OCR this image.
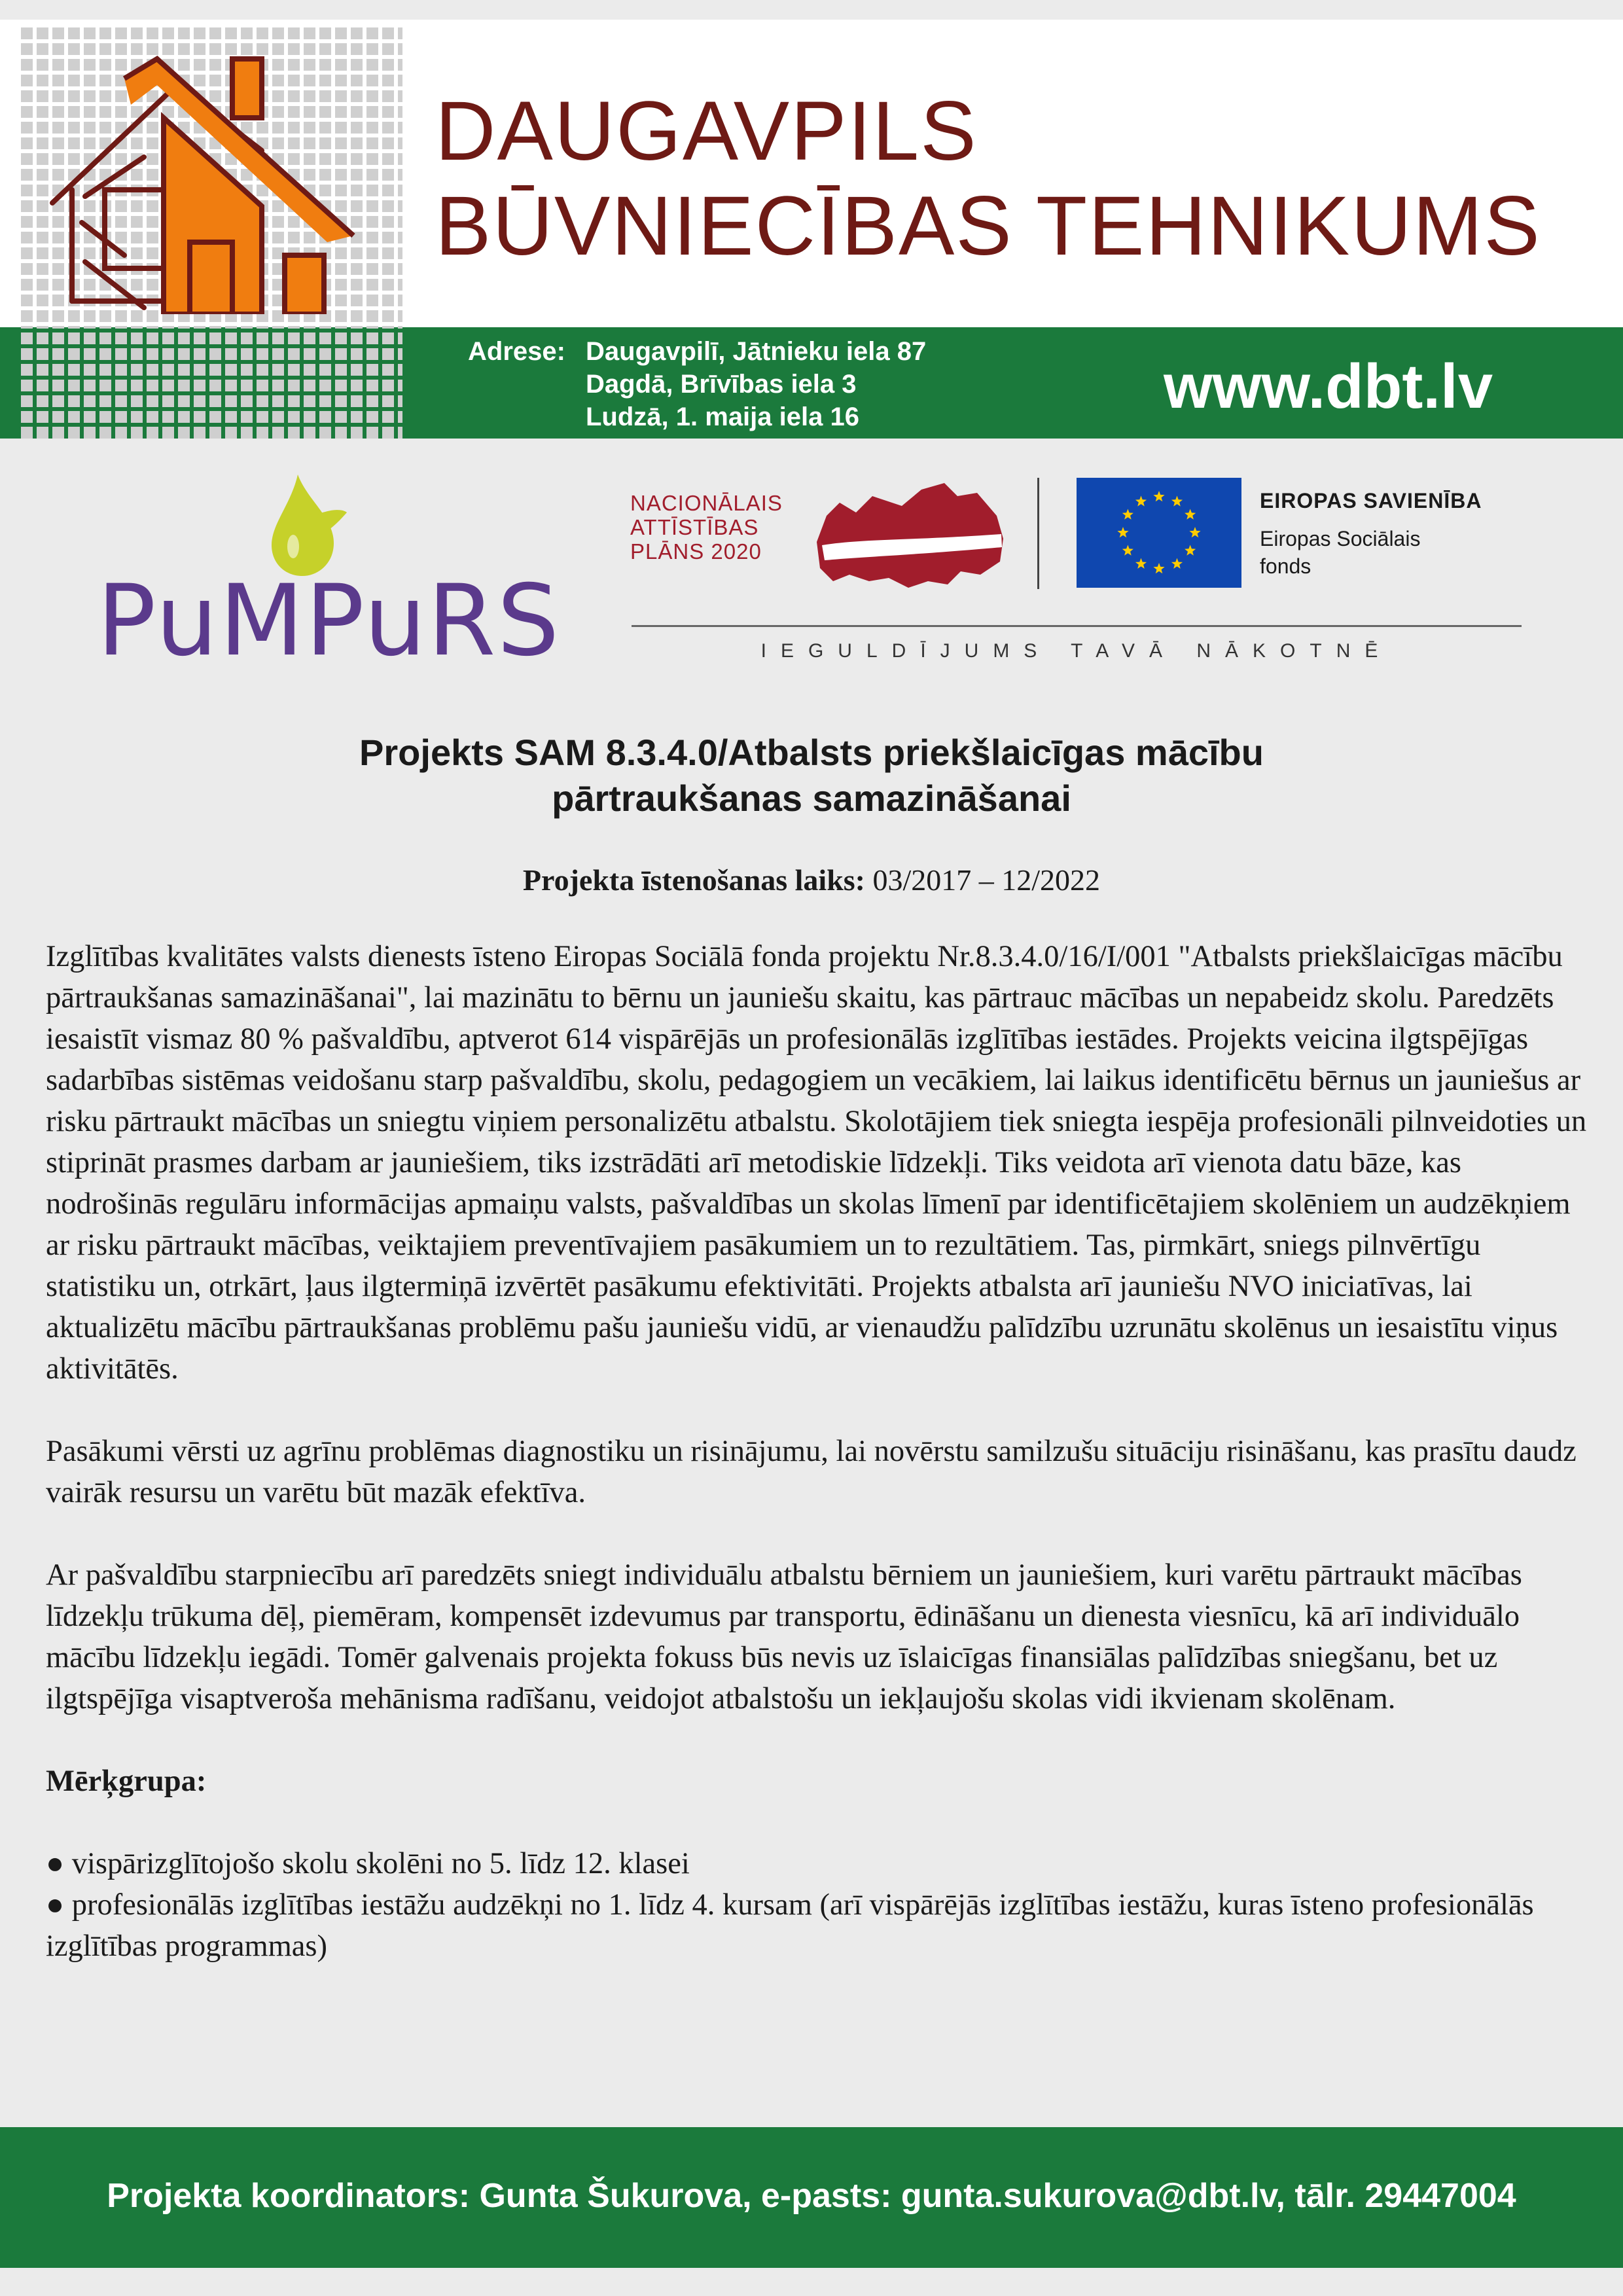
DAUGAVPILS
BŪVNIECĪBAS TEHNIKUMS
Adrese: Daugavpilī, Jātnieku iela 87
Dagdā, Brīvības iela 3
Ludzā, 1. maija iela 16	www.dbt.lv
PuMPuRS
NACIONĀLAIS
ATTĪSTĪBAS
PLĀNS 2020
EIROPAS SAVIENĪBA
Eiropas Sociālais
fonds
IEGULDĪJUMS TAVĀ NĀKOTNĒ
Projekts SAM 8.3.4.0/Atbalsts priekšlaicīgas mācību
pārtraukšanas samazināšanai
Projekta īstenošanas laiks: 03/2017 – 12/2022

Izglītības kvalitātes valsts dienests īsteno Eiropas Sociālā fonda projektu Nr.8.3.4.0/16/I/001 "Atbalsts priekšlaicīgas mācību pārtraukšanas samazināšanai", lai mazinātu to bērnu un jauniešu skaitu, kas pārtrauc mācības un nepabeidz skolu. Paredzēts iesaistīt vismaz 80 % pašvaldību, aptverot 614 vispārējās un profesionālās izglītības iestādes. Projekts veicina ilgtspējīgas sadarbības sistēmas veidošanu starp pašvaldību, skolu, pedagogiem un vecākiem, lai laikus identificētu bērnus un jauniešus ar risku pārtraukt mācības un sniegtu viņiem personalizētu atbalstu. Skolotājiem tiek sniegta iespēja profesionāli pilnveidoties un stiprināt prasmes darbam ar jauniešiem, tiks izstrādāti arī metodiskie līdzekļi. Tiks veidota arī vienota datu bāze, kas nodrošinās regulāru informācijas apmaiņu valsts, pašvaldības un skolas līmenī par identificētajiem skolēniem un audzēkņiem ar risku pārtraukt mācības, veiktajiem preventīvajiem pasākumiem un to rezultātiem. Tas, pirmkārt, sniegs pilnvērtīgu statistiku un, otrkārt, ļaus ilgtermiņā izvērtēt pasākumu efektivitāti. Projekts atbalsta arī jauniešu NVO iniciatīvas, lai aktualizētu mācību pārtraukšanas problēmu pašu jauniešu vidū, ar vienaudžu palīdzību uzrunātu skolēnus un iesaistītu viņus aktivitātēs.

Pasākumi vērsti uz agrīnu problēmas diagnostiku un risinājumu, lai novērstu samilzušu situāciju risināšanu, kas prasītu daudz vairāk resursu un varētu būt mazāk efektīva.

Ar pašvaldību starpniecību arī paredzēts sniegt individuālu atbalstu bērniem un jauniešiem, kuri varētu pārtraukt mācības līdzekļu trūkuma dēļ, piemēram, kompensēt izdevumus par transportu, ēdināšanu un dienesta viesnīcu, kā arī individuālo mācību līdzekļu iegādi. Tomēr galvenais projekta fokuss būs nevis uz īslaicīgas finansiālas palīdzības sniegšanu, bet uz ilgtspējīga visaptveroša mehānisma radīšanu, veidojot atbalstošu un iekļaujošu skolas vidi ikvienam skolēnam.

Mērķgrupa:

● vispārizglītojošo skolu skolēni no 5. līdz 12. klasei

● profesionālās izglītības iestāžu audzēkņi no 1. līdz 4. kursam (arī vispārējās izglītības iestāžu, kuras īsteno profesionālās izglītības programmas)

Projekta koordinators: Gunta Šukurova, e-pasts: gunta.sukurova@dbt.lv, tālr. 29447004
